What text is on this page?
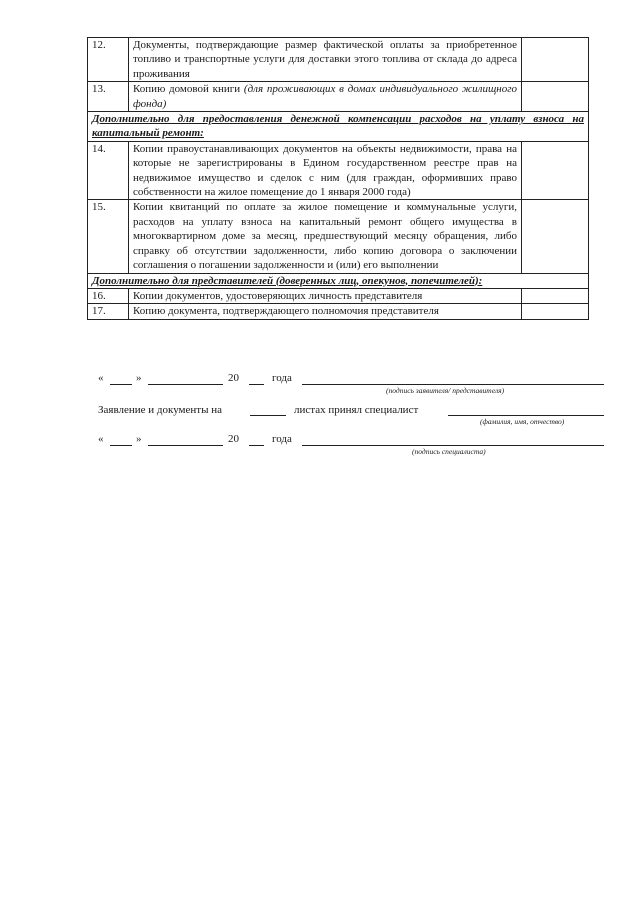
12.	Документы, подтверждающие размер фактической оплаты за приобретенное топливо и транспортные услуги для доставки этого топлива от склада до адреса проживания	
13.	Копию домовой книги (для проживающих в домах индивидуального жилищного фонда)	
Дополнительно для предоставления денежной компенсации расходов на уплату взноса на капитальный ремонт:		
14.	Копии правоустанавливающих документов на объекты недвижимости, права на которые не зарегистрированы в Едином государственном реестре прав на недвижимое имущество и сделок с ним (для граждан, оформивших право собственности на жилое помещение до 1 января 2000 года)	
15.	Копии квитанций по оплате за жилое помещение и коммунальные услуги, расходов на уплату взноса на капитальный ремонт общего имущества в многоквартирном доме за месяц, предшествующий месяцу обращения, либо справку об отсутствии задолженности, либо копию договора о заключении соглашения о погашении задолженности и (или) его выполнении	
Дополнительно для представителей (доверенных лиц, опекунов, попечителей):		
16.	Копии документов, удостоверяющих личность представителя	
17.	Копию документа, подтверждающего полномочия представителя	
«	»	20	года
(подпись заявителя/ представителя)
Заявление и документы на	листах принял специалист
(фамилия, имя, отчество)
«	»	20	года
(подпись специалиста)
